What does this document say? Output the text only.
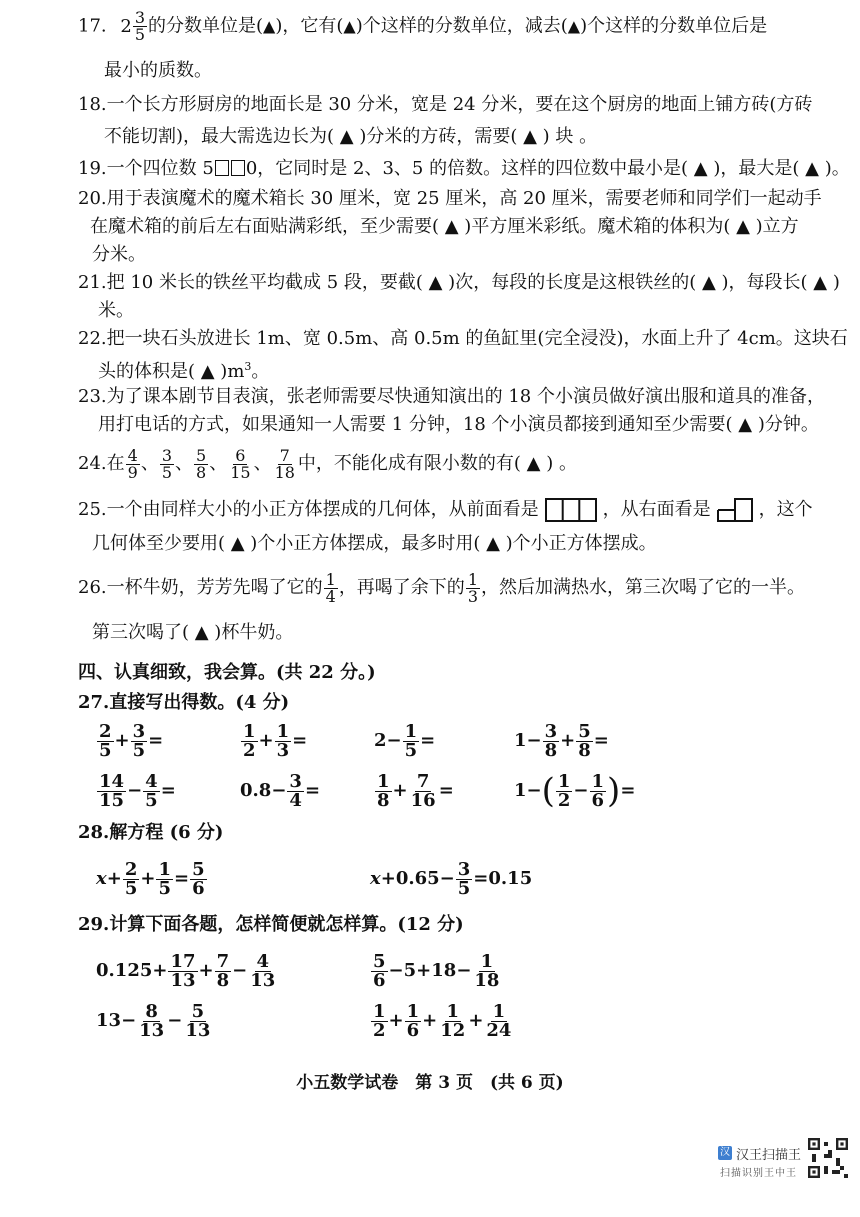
17. $2 \frac{3}{5}$ 的分数单位是(▲)，它有(▲)个这样的分数单位，减去(▲)个这样的分数单位后是
最小的质数。
18.一个长方形厨房的地面长是 30 分米，宽是 24 分米，要在这个厨房的地面上铺方砖(方砖
不能切割)，最大需选边长为( ▲ )分米的方砖，需要( ▲ ) 块 。
19.一个四位数 5 0，它同时是 2、3、5 的倍数。这样的四位数中最小是( ▲ )，最大是( ▲ )。
20.用于表演魔术的魔术箱长 30 厘米，宽 25 厘米，高 20 厘米，需要老师和同学们一起动手
在魔术箱的前后左右面贴满彩纸，至少需要( ▲ )平方厘米彩纸。魔术箱的体积为( ▲ )立方
分米。
21.把 10 米长的铁丝平均截成 5 段，要截( ▲ )次，每段的长度是这根铁丝的( ▲ )，每段长( ▲ )
米。
22.把一块石头放进长 1m、宽 0.5m、高 0.5m 的鱼缸里(完全浸没)，水面上升了 4cm。这块石
头的体积是( ▲ )$m^3$。
23.为了课本剧节目表演，张老师需要尽快通知演出的 18 个小演员做好演出服和道具的准备，
用打电话的方式，如果通知一人需要 1 分钟，18 个小演员都接到通知至少需要( ▲ )分钟。
24.在 $\frac{4}{9}$ 、 $\frac{3}{5}$ 、 $\frac{5}{8}$ 、 $\frac{6}{15}$ 、 $\frac{7}{18}$ 中，不能化成有限小数的有( ▲ ) 。
25.一个由同样大小的小正方体摆成的几何体，从前面看是	，从右面看是	，这个
几何体至少要用( ▲ )个小正方体摆成，最多时用( ▲ )个小正方体摆成。
26.一杯牛奶，芳芳先喝了它的 $\frac{1}{4}$ ，再喝了余下的 $\frac{1}{3}$ ，然后加满热水，第三次喝了它的一半。
第三次喝了( ▲ )杯牛奶。
四、认真细致，我会算。(共 22 分。)
27.直接写出得数。(4 分)
$\frac{2}{5} + \frac{3}{5}$ =	$\frac{1}{2} + \frac{1}{3}$ =	$2- \frac{1}{5}$ =	$1- \frac{3}{8} + \frac{5}{8}$ =
$\frac{14}{15} - \frac{4}{5}$ =	$0.8- \frac{3}{4}$ =	$\frac{1}{8} + \frac{7}{16}$ =	$1-( \frac{1}{2} - \frac{1}{6}$ )=
28.解方程 (6 分)
$x+ \frac{2}{5} + \frac{1}{5} = \frac{5}{6}$	$x+0.65- \frac{3}{5} =0.15$
29.计算下面各题，怎样简便就怎样算。(12 分)
$0.125+ \frac{17}{13} + \frac{7}{8} - \frac{4}{13}$	$\frac{5}{6} -5+18- \frac{1}{18}$
$13- \frac{8}{13} - \frac{5}{13}$	$\frac{1}{2} + \frac{1}{6} + \frac{1}{12} + \frac{1}{24}$
小五数学试卷　第 3 页　(共 6 页)
汉 汉王扫描王
扫描识别王中王
